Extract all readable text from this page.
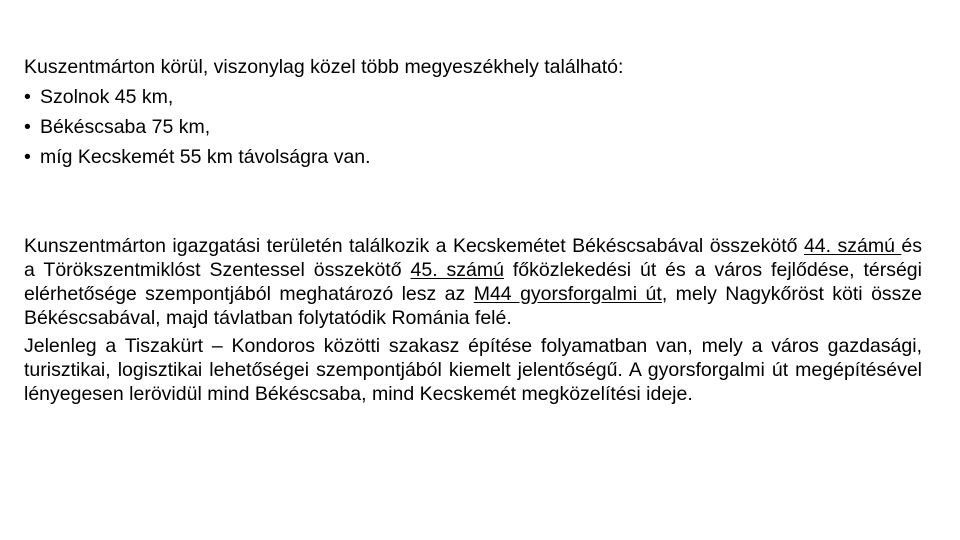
Kuszentmárton körül, viszonylag közel több megyeszékhely található:

• Szolnok 45 km,

• Békéscsaba 75 km,

• míg Kecskemét 55 km távolságra van.

Kunszentmárton igazgatási területén találkozik a Kecskemétet Békéscsabával összekötő 44. számú és a Törökszentmiklóst Szentessel összekötő 45. számú főközlekedési út és a város fejlődése, térségi elérhetősége szempontjából meghatározó lesz az M44 gyorsforgalmi út, mely Nagykőröst köti össze Békéscsabával, majd távlatban folytatódik Románia felé.

Jelenleg a Tiszakürt – Kondoros közötti szakasz építése folyamatban van, mely a város gazdasági, turisztikai, logisztikai lehetőségei szempontjából kiemelt jelentőségű. A gyorsforgalmi út megépítésével lényegesen lerövidül mind Békéscsaba, mind Kecskemét megközelítési ideje.
